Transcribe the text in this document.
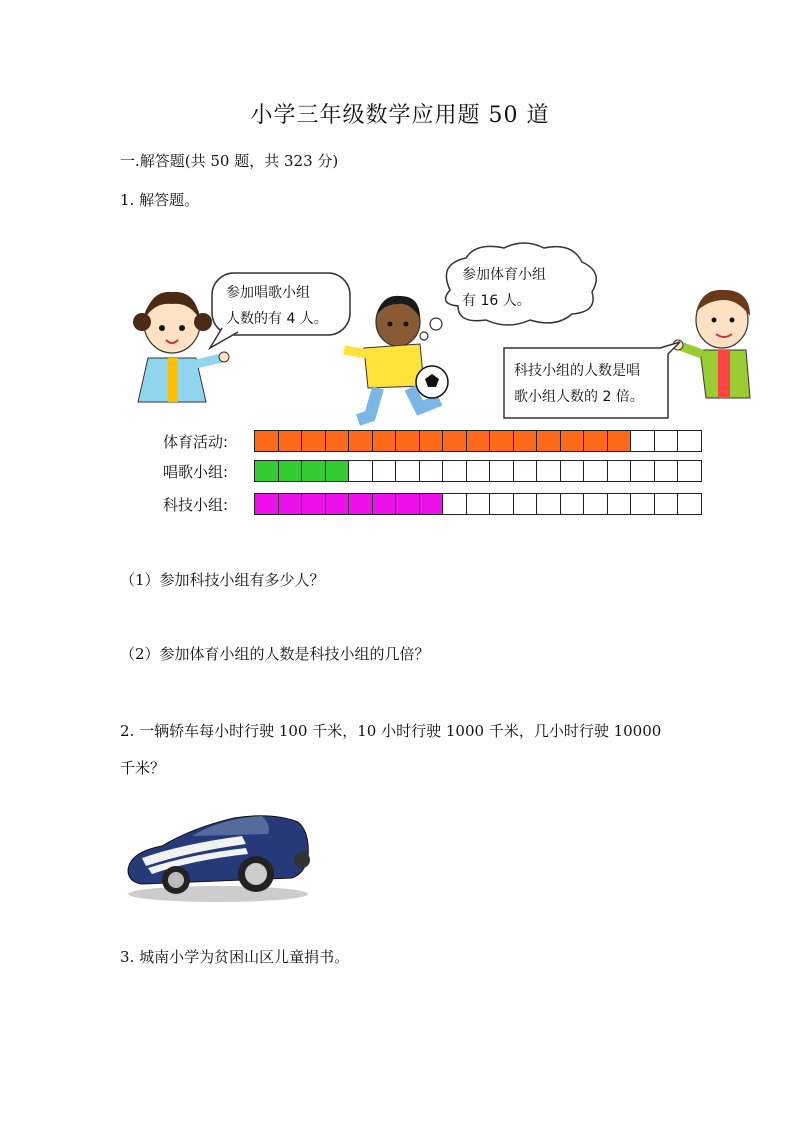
小学三年级数学应用题 50 道
一.解答题(共 50 题，共 323 分)
1. 解答题。
参加唱歌小组
人数的有 4 人。
参加体育小组
有 16 人。
科技小组的人数是唱
歌小组人数的 2 倍。
体育活动:
唱歌小组:
科技小组:
（1）参加科技小组有多少人？
（2）参加体育小组的人数是科技小组的几倍？
2. 一辆轿车每小时行驶 100 千米，10 小时行驶 1000 千米，几小时行驶 10000
千米？
3. 城南小学为贫困山区儿童捐书。
